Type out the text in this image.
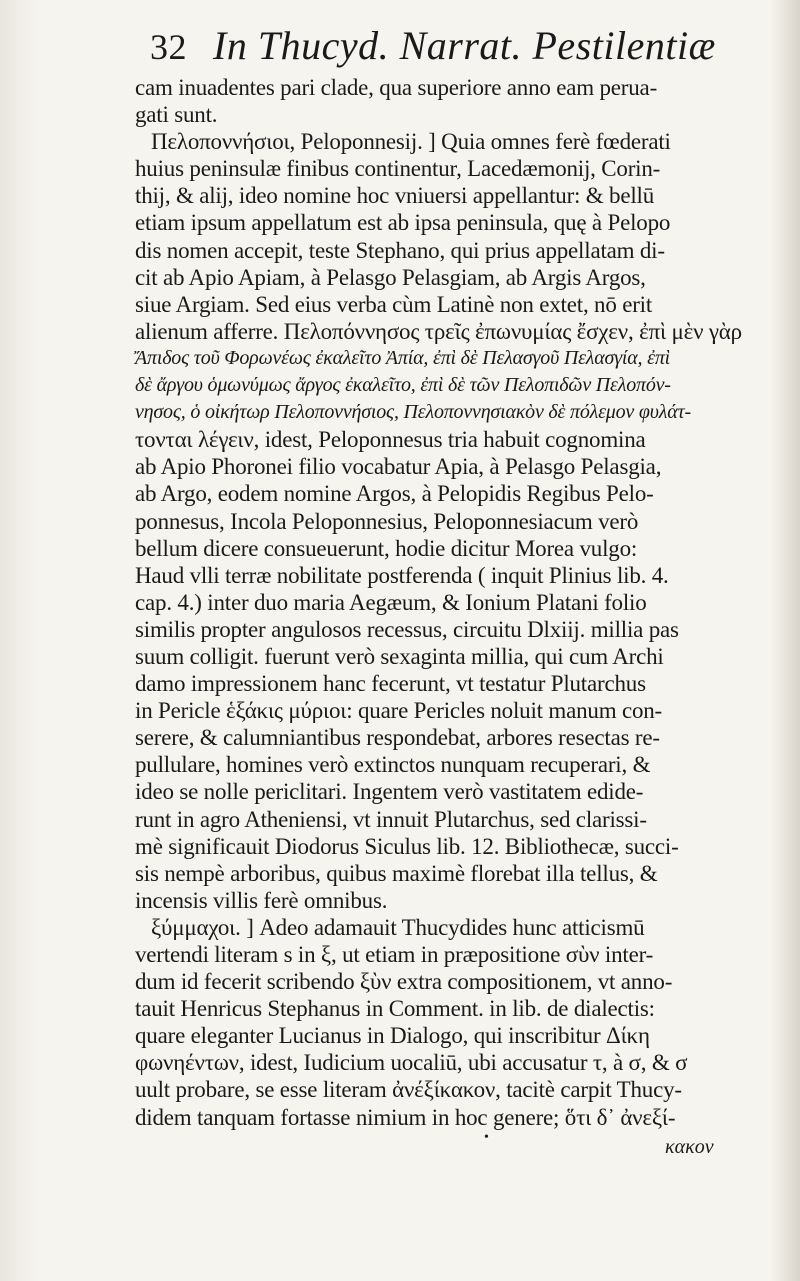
32 In Thucyd. Narrat. Pestilentiæ
cam inuadentes pari clade, qua superiore anno eam perua-
gati sunt.
Πελοποννήσιοι, Peloponnesij. ] Quia omnes ferè fœderati
huius peninsulæ finibus continentur, Lacedæmonij, Corin-
thij, & alij, ideo nomine hoc vniuersi appellantur: & bellū
etiam ipsum appellatum est ab ipsa peninsula, quę à Pelopo
dis nomen accepit, teste Stephano, qui prius appellatam di-
cit ab Apio Apiam, à Pelasgo Pelasgiam, ab Argis Argos,
siue Argiam. Sed eius verba cùm Latinè non extet, nō erit
alienum afferre. Πελοπόννησος τρεῖς ἐπωνυμίας ἔσχεν, ἐπὶ μὲν γὰρ
Ἄπιδος τοῦ Φορωνέως ἐκαλεῖτο Ἀπία, ἐπὶ δὲ Πελασγοῦ Πελασγία, ἐπὶ
δὲ ἄργου ὁμωνύμως ἄργος ἐκαλεῖτο, ἐπὶ δὲ τῶν Πελοπιδῶν Πελοπόν-
νησος, ὁ οἰκήτωρ Πελοποννήσιος, Πελοποννησιακὸν δὲ πόλεμον φυλάτ-
τονται λέγειν, idest, Peloponnesus tria habuit cognomina
ab Apio Phoronei filio vocabatur Apia, à Pelasgo Pelasgia,
ab Argo, eodem nomine Argos, à Pelopidis Regibus Pelo-
ponnesus, Incola Peloponnesius, Peloponnesiacum verò
bellum dicere consueuerunt, hodie dicitur Morea vulgo:
Haud vlli terræ nobilitate postferenda ( inquit Plinius lib. 4.
cap. 4.) inter duo maria Aegæum, & Ionium Platani folio
similis propter angulosos recessus, circuitu Dlxiij. millia pas
suum colligit. fuerunt verò sexaginta millia, qui cum Archi
damo impressionem hanc fecerunt, vt testatur Plutarchus
in Pericle ἑξάκις μύριοι: quare Pericles noluit manum con-
serere, & calumniantibus respondebat, arbores resectas re-
pullulare, homines verò extinctos nunquam recuperari, &
ideo se nolle periclitari. Ingentem verò vastitatem edide-
runt in agro Atheniensi, vt innuit Plutarchus, sed clarissi-
mè significauit Diodorus Siculus lib. 12. Bibliothecæ, succi-
sis nempè arboribus, quibus maximè florebat illa tellus, &
incensis villis ferè omnibus.
ξύμμαχοι. ] Adeo adamauit Thucydides hunc atticismū
vertendi literam s in ξ, ut etiam in præpositione σὺν inter-
dum id fecerit scribendo ξὺν extra compositionem, vt anno-
tauit Henricus Stephanus in Comment. in lib. de dialectis:
quare eleganter Lucianus in Dialogo, qui inscribitur Δίκη
φωνηέντων, idest, Iudicium uocaliū, ubi accusatur τ, à σ, & σ
uult probare, se esse literam ἀνέξίκακον, tacitè carpit Thucy-
didem tanquam fortasse nimium in hoc genere; ὅτι δ᾽ ἀνεξί-
•	κακον
